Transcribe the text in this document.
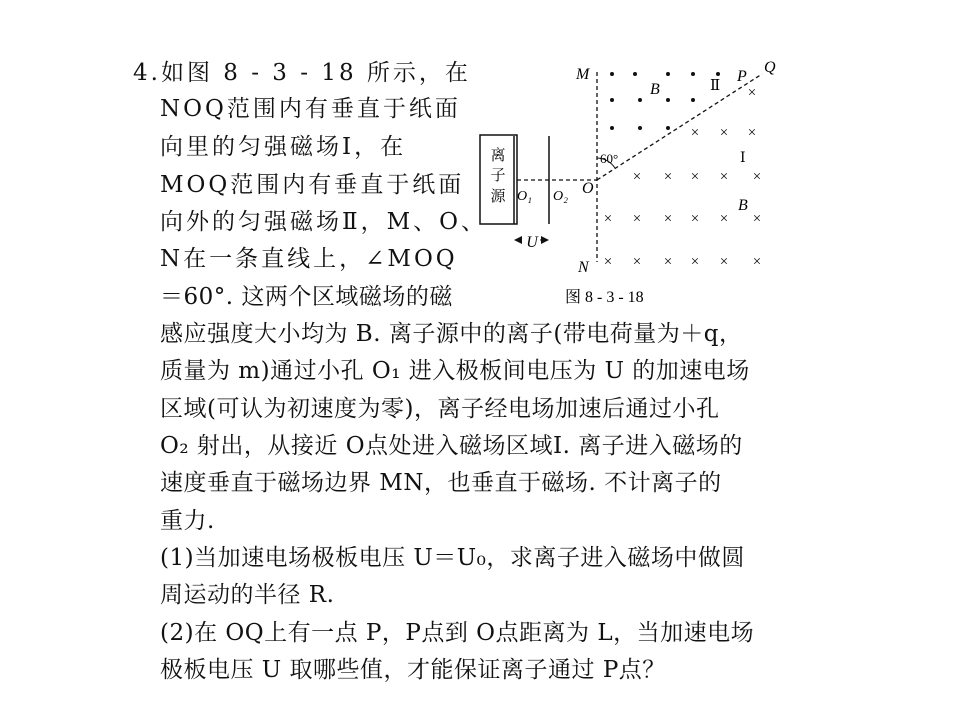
4.如图 8 - 3 - 18 所示，在
NOQ范围内有垂直于纸面
向里的匀强磁场Ⅰ，在
MOQ范围内有垂直于纸面
向外的匀强磁场Ⅱ，M、O、
N在一条直线上，∠MOQ
＝60°. 这两个区域磁场的磁
感应强度大小均为 B. 离子源中的离子(带电荷量为＋q，
质量为 m)通过小孔 O₁ 进入极板间电压为 U 的加速电场
区域(可认为初速度为零)，离子经电场加速后通过小孔
O₂ 射出，从接近 O点处进入磁场区域Ⅰ. 离子进入磁场的
速度垂直于磁场边界 MN，也垂直于磁场. 不计离子的
重力.
(1)当加速电场极板电压 U＝U₀，求离子进入磁场中做圆
周运动的半径 R.
(2)在 OQ上有一点 P，P点到 O点距离为 L，当加速电场
极板电压 U 取哪些值，才能保证离子通过 P点？
离
子
源
U
M
N
O
O₁ O₂
P
Q
B
B
Ⅱ
Ⅰ
60°
×
× × ×
× × × × ×
× × × × × ×
× × × × × ×
图 8 - 3 - 18
